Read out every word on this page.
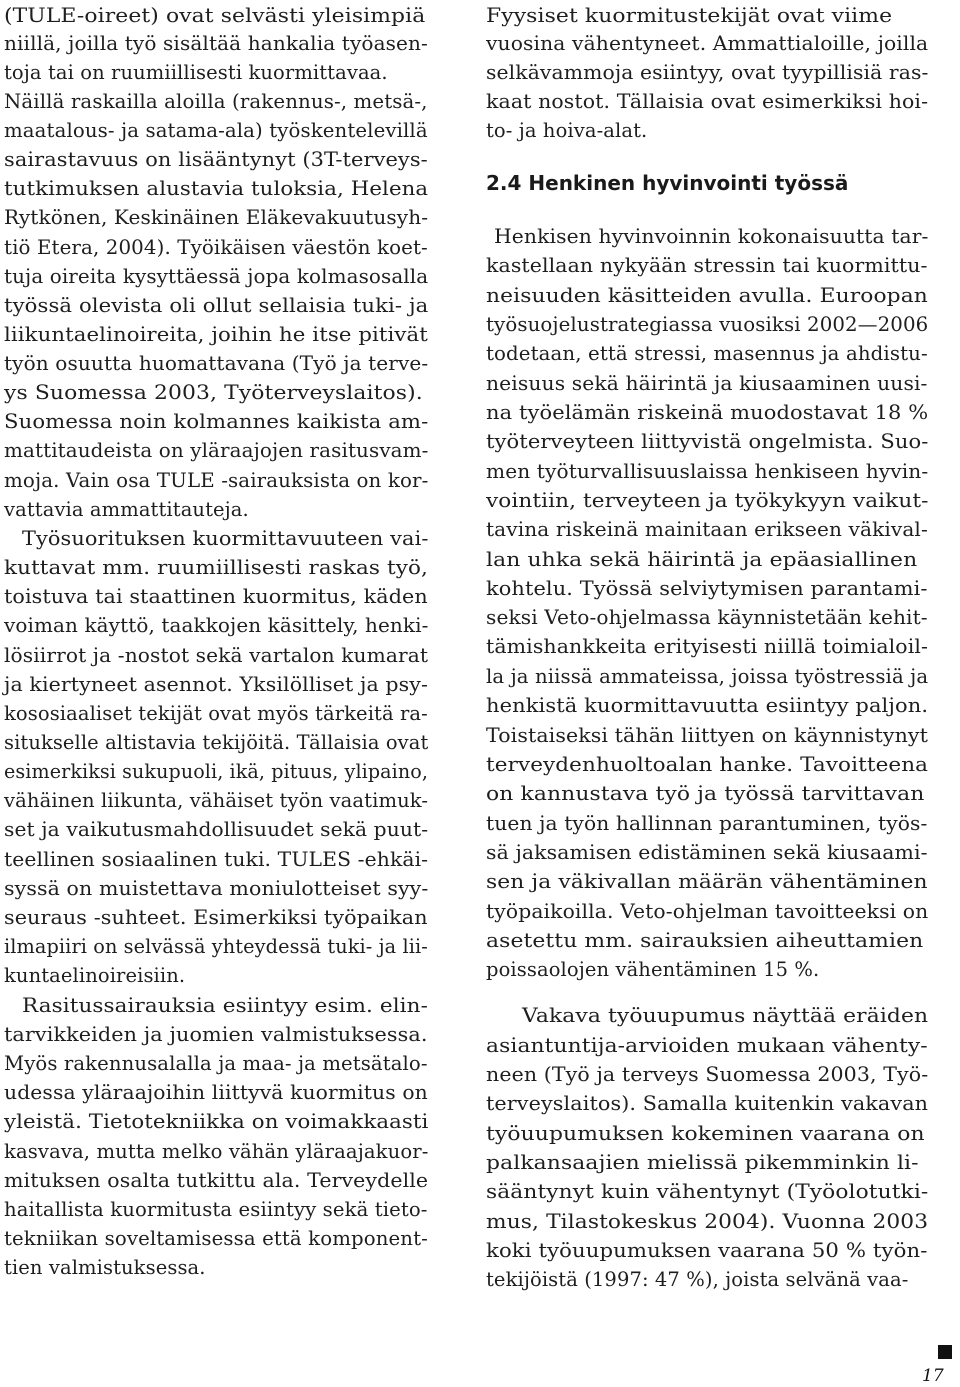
(TULE-oireet) ovat selvästi yleisimpiä
niillä, joilla työ sisältää hankalia työasen-
toja tai on ruumiillisesti kuormittavaa.
Näillä raskailla aloilla (rakennus-, metsä-,
maatalous- ja satama-ala) työskentelevillä
sairastavuus on lisääntynyt (3T-terveys-
tutkimuksen alustavia tuloksia, Helena
Rytkönen, Keskinäinen Eläkevakuutusyh-
tiö Etera, 2004). Työikäisen väestön koet-
tuja oireita kysyttäessä jopa kolmasosalla
työssä olevista oli ollut sellaisia tuki- ja
liikuntaelinoireita, joihin he itse pitivät
työn osuutta huomattavana (Työ ja terve-
ys Suomessa 2003, Työterveyslaitos).
Suomessa noin kolmannes kaikista am-
mattitaudeista on yläraajojen rasitusvam-
moja. Vain osa TULE -sairauksista on kor-
vattavia ammattitauteja.
Työsuorituksen kuormittavuuteen vai-
kuttavat mm. ruumiillisesti raskas työ,
toistuva tai staattinen kuormitus, käden
voiman käyttö, taakkojen käsittely, henki-
lösiirrot ja -nostot sekä vartalon kumarat
ja kiertyneet asennot. Yksilölliset ja psy-
kososiaaliset tekijät ovat myös tärkeitä ra-
situkselle altistavia tekijöitä. Tällaisia ovat
esimerkiksi sukupuoli, ikä, pituus, ylipaino,
vähäinen liikunta, vähäiset työn vaatimuk-
set ja vaikutusmahdollisuudet sekä puut-
teellinen sosiaalinen tuki. TULES -ehkäi-
syssä on muistettava moniulotteiset syy-
seuraus -suhteet. Esimerkiksi työpaikan
ilmapiiri on selvässä yhteydessä tuki- ja lii-
kuntaelinoireisiin.
Rasitussairauksia esiintyy esim. elin-
tarvikkeiden ja juomien valmistuksessa.
Myös rakennusalalla ja maa- ja metsätalo-
udessa yläraajoihin liittyvä kuormitus on
yleistä. Tietotekniikka on voimakkaasti
kasvava, mutta melko vähän yläraajakuor-
mituksen osalta tutkittu ala. Terveydelle
haitallista kuormitusta esiintyy sekä tieto-
tekniikan soveltamisessa että komponent-
tien valmistuksessa.
Fyysiset kuormitustekijät ovat viime
vuosina vähentyneet. Ammattialoille, joilla
selkävammoja esiintyy, ovat tyypillisiä ras-
kaat nostot. Tällaisia ovat esimerkiksi hoi-
to- ja hoiva-alat.
2.4 Henkinen hyvinvointi työssä
Henkisen hyvinvoinnin kokonaisuutta tar-
kastellaan nykyään stressin tai kuormittu-
neisuuden käsitteiden avulla. Euroopan
työsuojelustrategiassa vuosiksi 2002—2006
todetaan, että stressi, masennus ja ahdistu-
neisuus sekä häirintä ja kiusaaminen uusi-
na työelämän riskeinä muodostavat 18 %
työterveyteen liittyvistä ongelmista. Suo-
men työturvallisuuslaissa henkiseen hyvin-
vointiin, terveyteen ja työkykyyn vaikut-
tavina riskeinä mainitaan erikseen väkival-
lan uhka sekä häirintä ja epäasiallinen
kohtelu. Työssä selviytymisen parantami-
seksi Veto-ohjelmassa käynnistetään kehit-
tämishankkeita erityisesti niillä toimialoil-
la ja niissä ammateissa, joissa työstressiä ja
henkistä kuormittavuutta esiintyy paljon.
Toistaiseksi tähän liittyen on käynnistynyt
terveydenhuoltoalan hanke. Tavoitteena
on kannustava työ ja työssä tarvittavan
tuen ja työn hallinnan parantuminen, työs-
sä jaksamisen edistäminen sekä kiusaami-
sen ja väkivallan määrän vähentäminen
työpaikoilla. Veto-ohjelman tavoitteeksi on
asetettu mm. sairauksien aiheuttamien
poissaolojen vähentäminen 15 %.
Vakava työuupumus näyttää eräiden
asiantuntija-arvioiden mukaan vähenty-
neen (Työ ja terveys Suomessa 2003, Työ-
terveyslaitos). Samalla kuitenkin vakavan
työuupumuksen kokeminen vaarana on
palkansaajien mielissä pikemminkin li-
sääntynyt kuin vähentynyt (Työolotutki-
mus, Tilastokeskus 2004). Vuonna 2003
koki työuupumuksen vaarana 50 % työn-
tekijöistä (1997: 47 %), joista selvänä vaa-
17
